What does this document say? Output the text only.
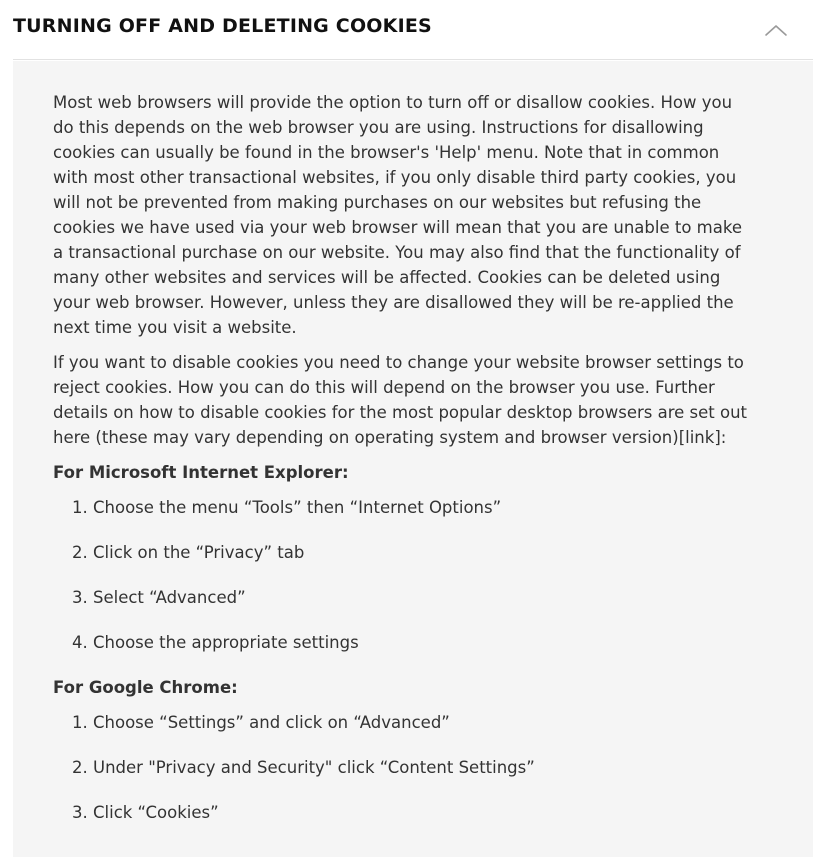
TURNING OFF AND DELETING COOKIES

Most web browsers will provide the option to turn off or disallow cookies. How you do this depends on the web browser you are using. Instructions for disallowing cookies can usually be found in the browser's 'Help' menu. Note that in common with most other transactional websites, if you only disable third party cookies, you will not be prevented from making purchases on our websites but refusing the cookies we have used via your web browser will mean that you are unable to make a transactional purchase on our website. You may also find that the functionality of many other websites and services will be affected. Cookies can be deleted using your web browser. However, unless they are disallowed they will be re-applied the next time you visit a website.

If you want to disable cookies you need to change your website browser settings to reject cookies. How you can do this will depend on the browser you use. Further details on how to disable cookies for the most popular desktop browsers are set out here (these may vary depending on operating system and browser version)[link]:

For Microsoft Internet Explorer:

1. Choose the menu “Tools” then “Internet Options”
2. Click on the “Privacy” tab
3. Select “Advanced”
4. Choose the appropriate settings

For Google Chrome:

1. Choose “Settings” and click on “Advanced”
2. Under "Privacy and Security" click “Content Settings”
3. Click “Cookies”
